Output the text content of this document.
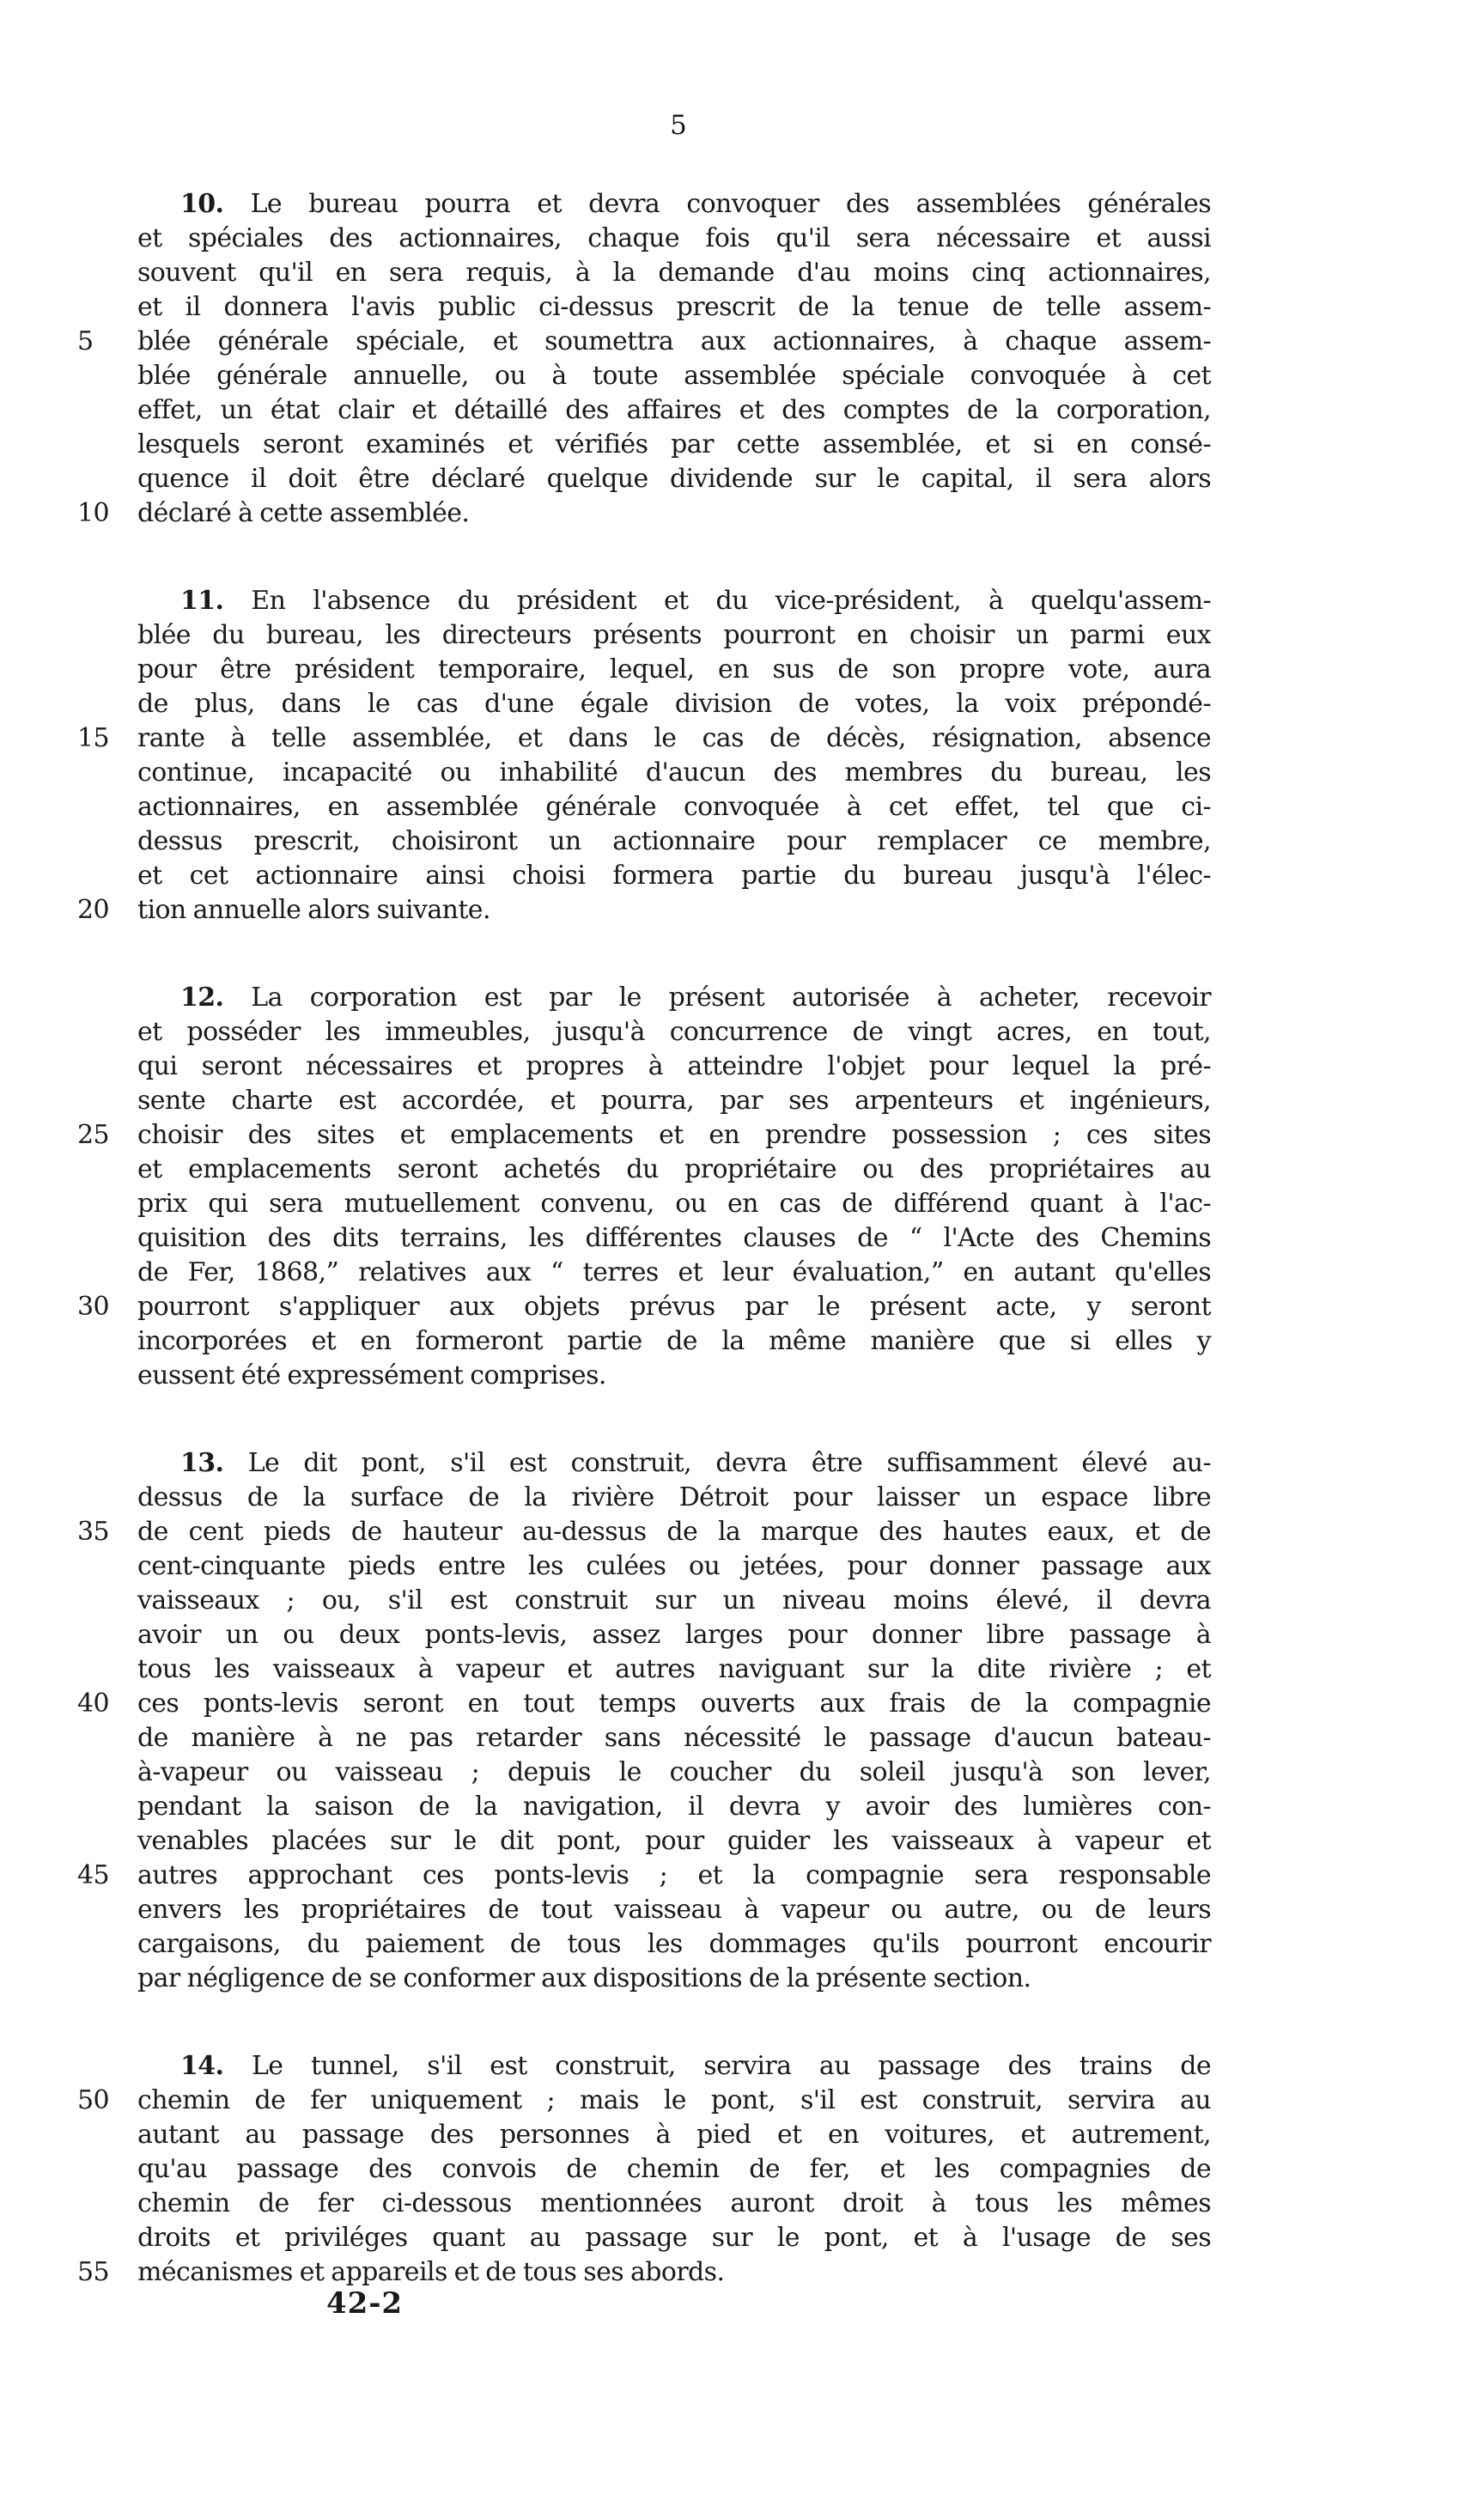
5
10. Le bureau pourra et devra convoquer des assemblées générales
et spéciales des actionnaires, chaque fois qu'il sera nécessaire et aussi
souvent qu'il en sera requis, à la demande d'au moins cinq actionnaires,
et il donnera l'avis public ci-dessus prescrit de la tenue de telle assem-
5	blée générale spéciale, et soumettra aux actionnaires, à chaque assem-
blée générale annuelle, ou à toute assemblée spéciale convoquée à cet
effet, un état clair et détaillé des affaires et des comptes de la corporation,
lesquels seront examinés et vérifiés par cette assemblée, et si en consé-
quence il doit être déclaré quelque dividende sur le capital, il sera alors
10	déclaré à cette assemblée.
11. En l'absence du président et du vice-président, à quelqu'assem-
blée du bureau, les directeurs présents pourront en choisir un parmi eux
pour être président temporaire, lequel, en sus de son propre vote, aura
de plus, dans le cas d'une égale division de votes, la voix prépondé-
15	rante à telle assemblée, et dans le cas de décès, résignation, absence
continue, incapacité ou inhabilité d'aucun des membres du bureau, les
actionnaires, en assemblée générale convoquée à cet effet, tel que ci-
dessus prescrit, choisiront un actionnaire pour remplacer ce membre,
et cet actionnaire ainsi choisi formera partie du bureau jusqu'à l'élec-
20	tion annuelle alors suivante.
12. La corporation est par le présent autorisée à acheter, recevoir
et posséder les immeubles, jusqu'à concurrence de vingt acres, en tout,
qui seront nécessaires et propres à atteindre l'objet pour lequel la pré-
sente charte est accordée, et pourra, par ses arpenteurs et ingénieurs,
25	choisir des sites et emplacements et en prendre possession ; ces sites
et emplacements seront achetés du propriétaire ou des propriétaires au
prix qui sera mutuellement convenu, ou en cas de différend quant à l'ac-
quisition des dits terrains, les différentes clauses de “ l'Acte des Chemins
de Fer, 1868,” relatives aux “ terres et leur évaluation,” en autant qu'elles
30	pourront s'appliquer aux objets prévus par le présent acte, y seront
incorporées et en formeront partie de la même manière que si elles y
eussent été expressément comprises.
13. Le dit pont, s'il est construit, devra être suffisamment élevé au-
dessus de la surface de la rivière Détroit pour laisser un espace libre
35	de cent pieds de hauteur au-dessus de la marque des hautes eaux, et de
cent-cinquante pieds entre les culées ou jetées, pour donner passage aux
vaisseaux ; ou, s'il est construit sur un niveau moins élevé, il devra
avoir un ou deux ponts-levis, assez larges pour donner libre passage à
tous les vaisseaux à vapeur et autres naviguant sur la dite rivière ; et
40	ces ponts-levis seront en tout temps ouverts aux frais de la compagnie
de manière à ne pas retarder sans nécessité le passage d'aucun bateau-
à-vapeur ou vaisseau ; depuis le coucher du soleil jusqu'à son lever,
pendant la saison de la navigation, il devra y avoir des lumières con-
venables placées sur le dit pont, pour guider les vaisseaux à vapeur et
45	autres approchant ces ponts-levis ; et la compagnie sera responsable
envers les propriétaires de tout vaisseau à vapeur ou autre, ou de leurs
cargaisons, du paiement de tous les dommages qu'ils pourront encourir
par négligence de se conformer aux dispositions de la présente section.
14. Le tunnel, s'il est construit, servira au passage des trains de
50	chemin de fer uniquement ; mais le pont, s'il est construit, servira au
autant au passage des personnes à pied et en voitures, et autrement,
qu'au passage des convois de chemin de fer, et les compagnies de
chemin de fer ci-dessous mentionnées auront droit à tous les mêmes
droits et priviléges quant au passage sur le pont, et à l'usage de ses
55	mécanismes et appareils et de tous ses abords.
42-2
